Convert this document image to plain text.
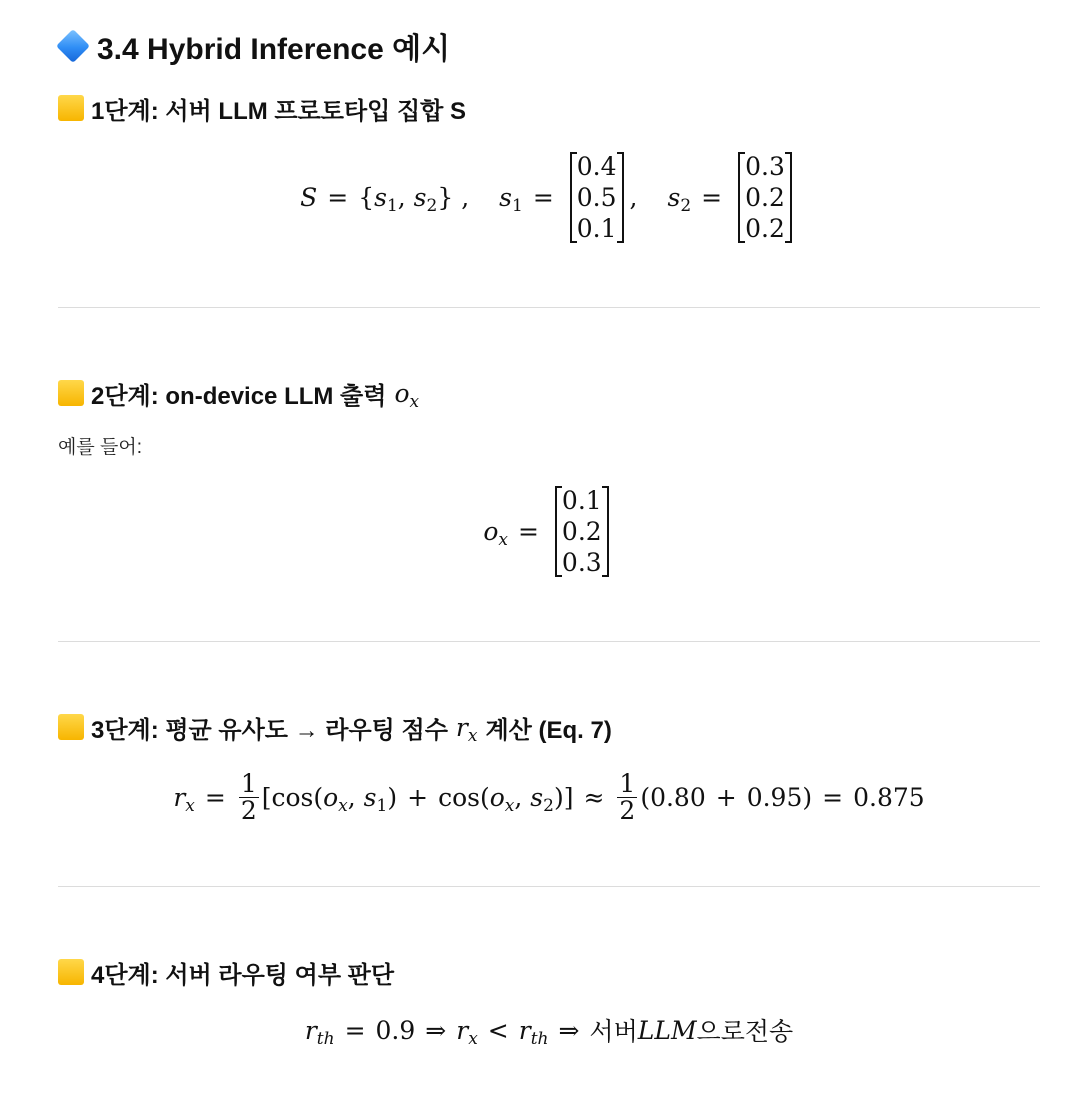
3.4 Hybrid Inference 예시
1단계: 서버 LLM 프로토타입 집합 S
$S = \{s_1$, $s_2$} , $s_1$ =
0.4
0.5
0.1
, $s_2$ =
0.3
0.2
0.2
2단계: on-device LLM 출력 $o_x$
예를 들어:
$o_x$ =
0.1
0.2
0.3
3단계: 평균 유사도 → 라우팅 점수 $r_x$ 계산 (Eq. 7)
$r_x = \frac{1}{2} [\cos(o_x$, $s_1) + \cos(o_x$, $s_2)] \approx \frac{1}{2}$ ( 0.80 + 0.95 ) = 0.875
4단계: 서버 라우팅 여부 판단
$r_{th} = 0.9$ ⇒ $r_x < r_{th}$ ⇒ 서버 LLM 으로전송
